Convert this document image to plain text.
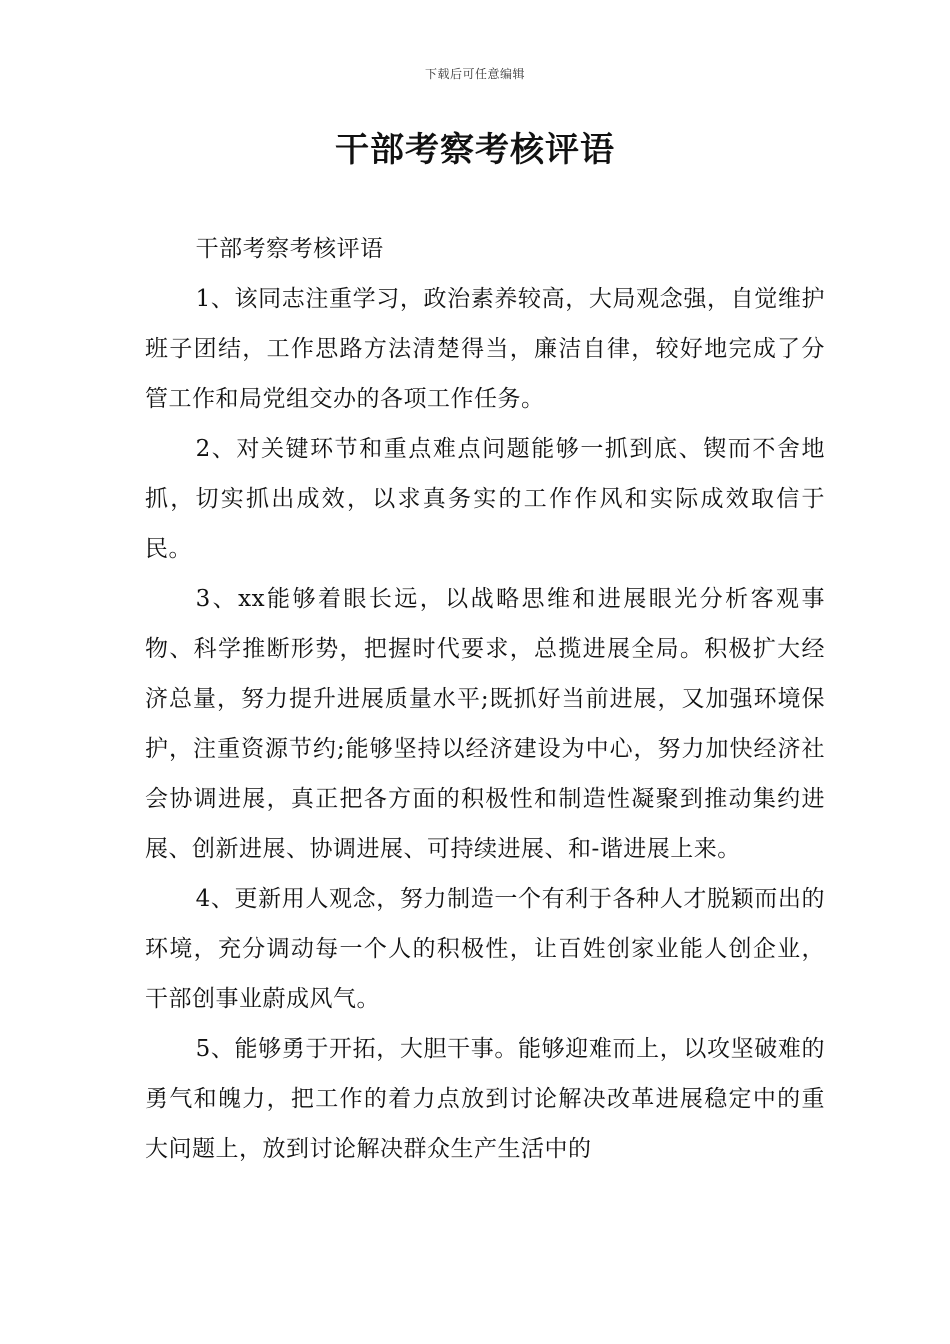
下载后可任意编辑
干部考察考核评语

干部考察考核评语

1、该同志注重学习，政治素养较高，大局观念强，自觉维护班子团结，工作思路方法清楚得当，廉洁自律，较好地完成了分管工作和局党组交办的各项工作任务。

2、对关键环节和重点难点问题能够一抓到底、锲而不舍地抓，切实抓出成效，以求真务实的工作作风和实际成效取信于民。

3、xx能够着眼长远，以战略思维和进展眼光分析客观事物、科学推断形势，把握时代要求，总揽进展全局。积极扩大经济总量，努力提升进展质量水平;既抓好当前进展，又加强环境保护，注重资源节约;能够坚持以经济建设为中心，努力加快经济社会协调进展，真正把各方面的积极性和制造性凝聚到推动集约进展、创新进展、协调进展、可持续进展、和-谐进展上来。

4、更新用人观念，努力制造一个有利于各种人才脱颖而出的环境，充分调动每一个人的积极性，让百姓创家业能人创企业，干部创事业蔚成风气。

5、能够勇于开拓，大胆干事。能够迎难而上，以攻坚破难的勇气和魄力，把工作的着力点放到讨论解决改革进展稳定中的重大问题上，放到讨论解决群众生产生活中的
